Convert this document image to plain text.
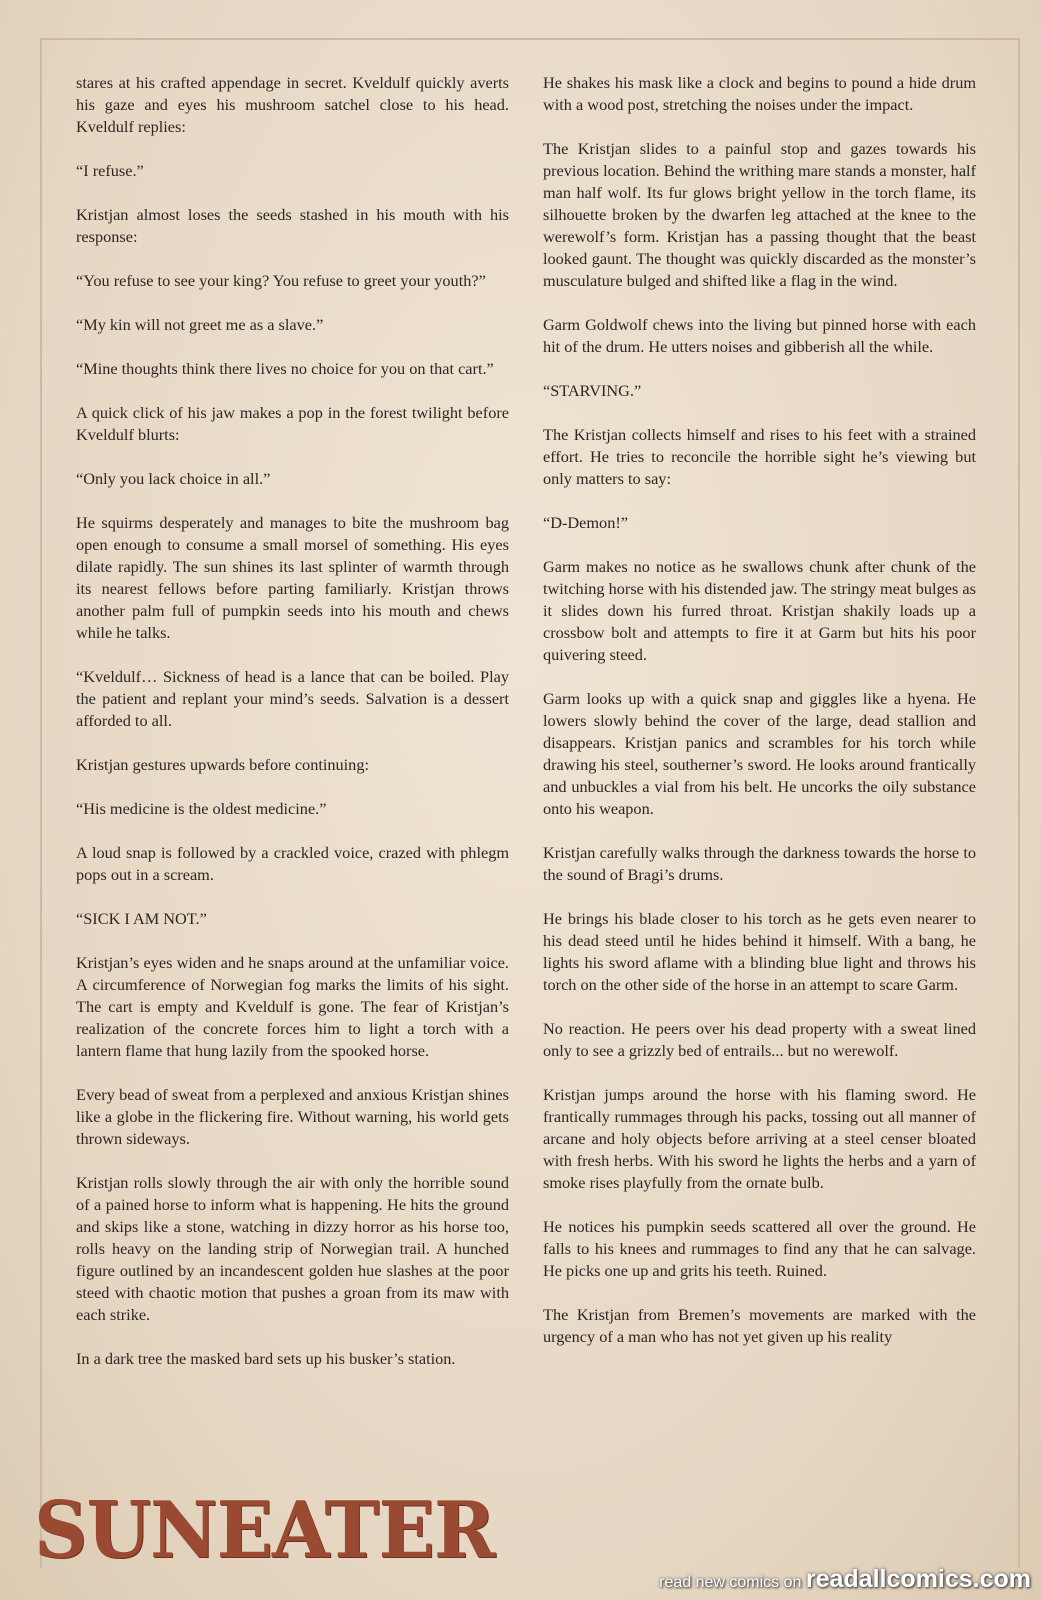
stares at his crafted appendage in secret. Kveldulf quickly averts his gaze and eyes his mushroom satchel close to his head. Kveldulf replies:

“I refuse.”

Kristjan almost loses the seeds stashed in his mouth with his response:

“You refuse to see your king? You refuse to greet your youth?”

“My kin will not greet me as a slave.”

“Mine thoughts think there lives no choice for you on that cart.”

A quick click of his jaw makes a pop in the forest twilight before Kveldulf blurts:

“Only you lack choice in all.”

He squirms desperately and manages to bite the mushroom bag open enough to consume a small morsel of something. His eyes dilate rapidly. The sun shines its last splinter of warmth through its nearest fellows before parting familiarly. Kristjan throws another palm full of pumpkin seeds into his mouth and chews while he talks.

“Kveldulf… Sickness of head is a lance that can be boiled. Play the patient and replant your mind’s seeds. Salvation is a dessert afforded to all.

Kristjan gestures upwards before continuing:

“His medicine is the oldest medicine.”

A loud snap is followed by a crackled voice, crazed with phlegm pops out in a scream.

“SICK I AM NOT.”

Kristjan’s eyes widen and he snaps around at the unfamiliar voice. A circumference of Norwegian fog marks the limits of his sight. The cart is empty and Kveldulf is gone. The fear of Kristjan’s realization of the concrete forces him to light a torch with a lantern flame that hung lazily from the spooked horse.

Every bead of sweat from a perplexed and anxious Kristjan shines like a globe in the flickering fire. Without warning, his world gets thrown sideways.

Kristjan rolls slowly through the air with only the horrible sound of a pained horse to inform what is happening. He hits the ground and skips like a stone, watching in dizzy horror as his horse too, rolls heavy on the landing strip of Norwegian trail. A hunched figure outlined by an incandescent golden hue slashes at the poor steed with chaotic motion that pushes a groan from its maw with each strike.

In a dark tree the masked bard sets up his busker’s station.

He shakes his mask like a clock and begins to pound a hide drum with a wood post, stretching the noises under the impact.

The Kristjan slides to a painful stop and gazes towards his previous location. Behind the writhing mare stands a monster, half man half wolf. Its fur glows bright yellow in the torch flame, its silhouette broken by the dwarfen leg attached at the knee to the werewolf’s form. Kristjan has a passing thought that the beast looked gaunt. The thought was quickly discarded as the monster’s musculature bulged and shifted like a flag in the wind.

Garm Goldwolf chews into the living but pinned horse with each hit of the drum. He utters noises and gibberish all the while.

“STARVING.”

The Kristjan collects himself and rises to his feet with a strained effort. He tries to reconcile the horrible sight he’s viewing but only matters to say:

“D-Demon!”

Garm makes no notice as he swallows chunk after chunk of the twitching horse with his distended jaw. The stringy meat bulges as it slides down his furred throat. Kristjan shakily loads up a crossbow bolt and attempts to fire it at Garm but hits his poor quivering steed.

Garm looks up with a quick snap and giggles like a hyena. He lowers slowly behind the cover of the large, dead stallion and disappears. Kristjan panics and scrambles for his torch while drawing his steel, southerner’s sword. He looks around frantically and unbuckles a vial from his belt. He uncorks the oily substance onto his weapon.

Kristjan carefully walks through the darkness towards the horse to the sound of Bragi’s drums.

He brings his blade closer to his torch as he gets even nearer to his dead steed until he hides behind it himself. With a bang, he lights his sword aflame with a blinding blue light and throws his torch on the other side of the horse in an attempt to scare Garm.

No reaction. He peers over his dead property with a sweat lined only to see a grizzly bed of entrails... but no werewolf.

Kristjan jumps around the horse with his flaming sword. He frantically rummages through his packs, tossing out all manner of arcane and holy objects before arriving at a steel censer bloated with fresh herbs. With his sword he lights the herbs and a yarn of smoke rises playfully from the ornate bulb.

He notices his pumpkin seeds scattered all over the ground. He falls to his knees and rummages to find any that he can salvage. He picks one up and grits his teeth. Ruined.

The Kristjan from Bremen’s movements are marked with the urgency of a man who has not yet given up his reality

SUNEATER
read new comics on readallcomics.com
